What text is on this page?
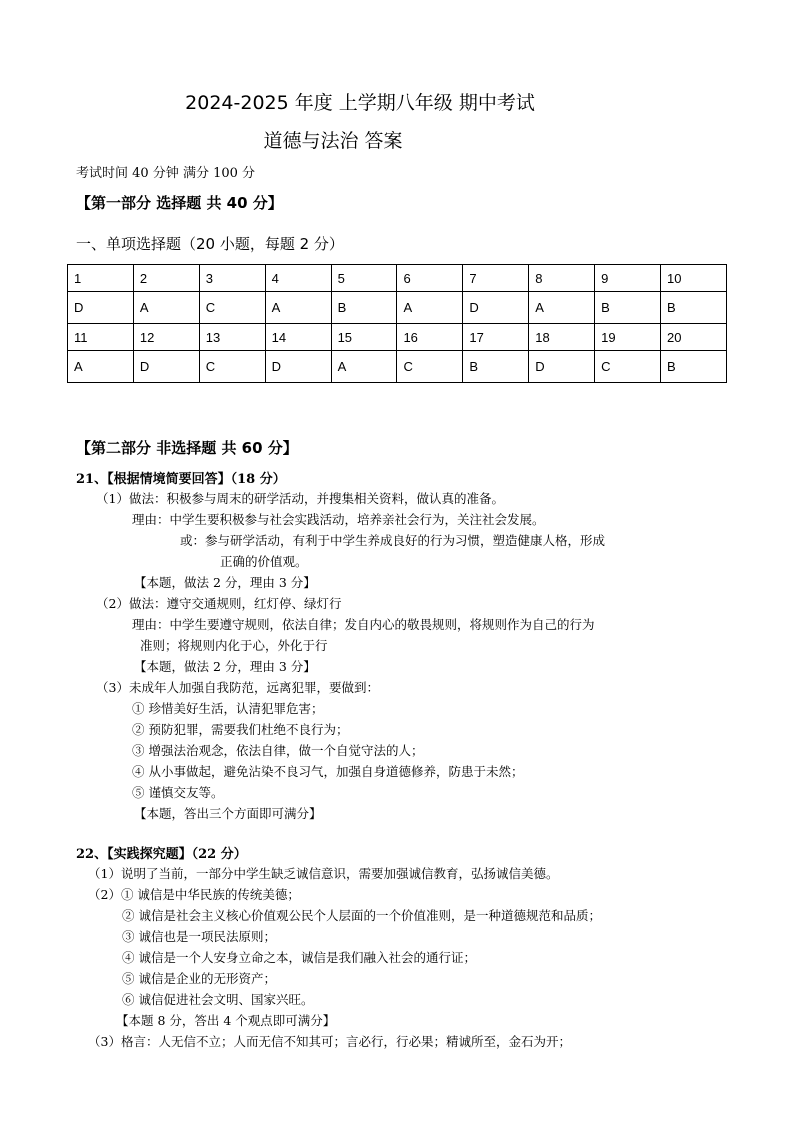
2024-2025 年度 上学期八年级 期中考试
道德与法治 答案
考试时间 40 分钟 满分 100 分
【第一部分 选择题 共 40 分】
一、单项选择题（20 小题，每题 2 分）
1	2	3	4	5	6	7	8	9	10
D	A	C	A	B	A	D	A	B	B
11	12	13	14	15	16	17	18	19	20
A	D	C	D	A	C	B	D	C	B
【第二部分 非选择题 共 60 分】
21、【根据情境简要回答】（18 分）
（1）做法：积极参与周末的研学活动，并搜集相关资料，做认真的准备。
理由：中学生要积极参与社会实践活动，培养亲社会行为，关注社会发展。
或：参与研学活动，有利于中学生养成良好的行为习惯，塑造健康人格，形成
正确的价值观。
【本题，做法 2 分，理由 3 分】
（2）做法：遵守交通规则，红灯停、绿灯行
理由：中学生要遵守规则，依法自律；发自内心的敬畏规则，将规则作为自己的行为
准则；将规则内化于心，外化于行
【本题，做法 2 分，理由 3 分】
（3）未成年人加强自我防范，远离犯罪，要做到：
① 珍惜美好生活，认清犯罪危害；
② 预防犯罪，需要我们杜绝不良行为；
③ 增强法治观念，依法自律，做一个自觉守法的人；
④ 从小事做起，避免沾染不良习气，加强自身道德修养，防患于未然；
⑤ 谨慎交友等。
【本题，答出三个方面即可满分】
22、【实践探究题】（22 分）
（1）说明了当前，一部分中学生缺乏诚信意识，需要加强诚信教育，弘扬诚信美德。
（2）① 诚信是中华民族的传统美德；
② 诚信是社会主义核心价值观公民个人层面的一个价值准则，是一种道德规范和品质；
③ 诚信也是一项民法原则；
④ 诚信是一个人安身立命之本，诚信是我们融入社会的通行证；
⑤ 诚信是企业的无形资产；
⑥ 诚信促进社会文明、国家兴旺。
【本题 8 分，答出 4 个观点即可满分】
（3）格言：人无信不立；人而无信不知其可；言必行，行必果；精诚所至，金石为开；
